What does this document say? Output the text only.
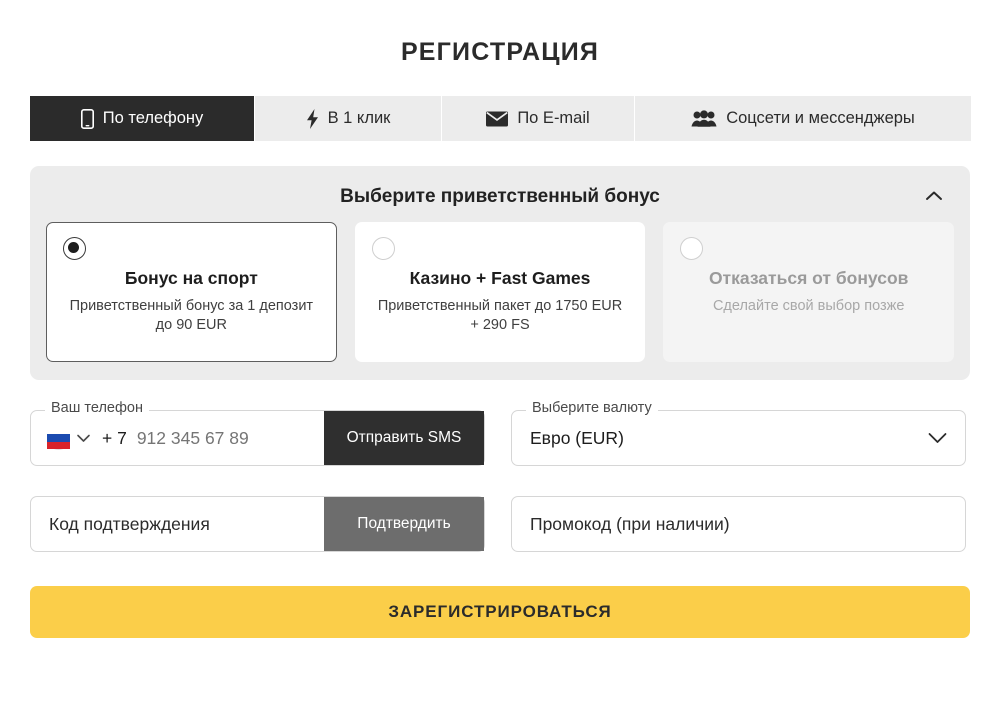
РЕГИСТРАЦИЯ
По телефону	В 1 клик	По E-mail	Соцсети и мессенджеры
Выберите приветственный бонус
Бонус на спорт
Приветственный бонус за 1 депозит до 90 EUR
Казино + Fast Games
Приветственный пакет до 1750 EUR + 290 FS
Отказаться от бонусов
Сделайте свой выбор позже
Ваш телефон
+ 7
912 345 67 89	Отправить SMS
Выберите валюту
Евро (EUR)
Код подтверждения
Подтвердить
Промокод (при наличии)
ЗАРЕГИСТРИРОВАТЬСЯ
